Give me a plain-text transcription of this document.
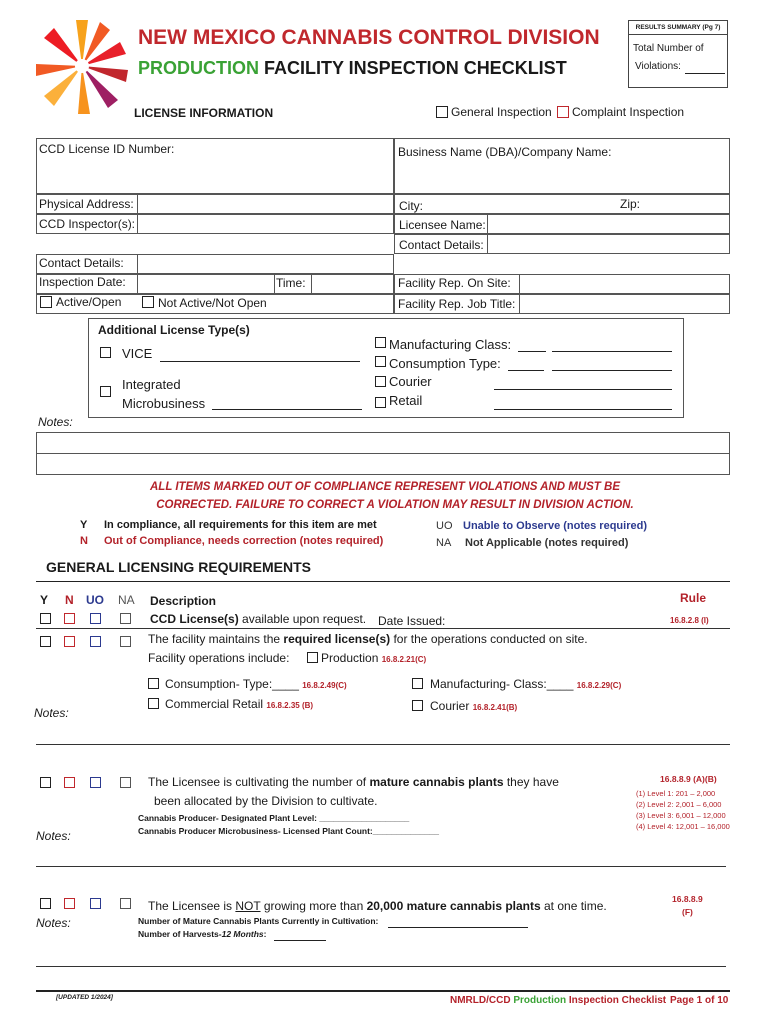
NEW MEXICO CANNABIS CONTROL DIVISION
PRODUCTION FACILITY INSPECTION CHECKLIST
RESULTS SUMMARY (Pg 7)
Total Number of
Violations:
LICENSE INFORMATION	General Inspection Complaint Inspection
CCD License ID Number:	Business Name (DBA)/Company Name:
Physical Address:	City:	Zip:
CCD Inspector(s):	Licensee Name:
Contact Details:
Contact Details:
Inspection Date:	Time:	Facility Rep. On Site:
Active/Open	Not Active/Not Open	Facility Rep. Job Title:
Additional License Type(s)
VICE
Integrated
Microbusiness
Manufacturing Class:
Consumption Type:
Courier
Retail
Notes:
ALL ITEMS MARKED OUT OF COMPLIANCE REPRESENT VIOLATIONS AND MUST BE
CORRECTED. FAILURE TO CORRECT A VIOLATION MAY RESULT IN DIVISION ACTION.
Y In compliance, all requirements for this item are met
N Out of Compliance, needs correction (notes required)
UO Unable to Observe (notes required)
NA Not Applicable (notes required)
GENERAL LICENSING REQUIREMENTS
Y N UO NA Description	Rule
CCD License(s) available upon request. Date Issued:	16.8.2.8 (I)
The facility maintains the required license(s) for the operations conducted on site.
Facility operations include:	Production 16.8.2.21(C)
Consumption- Type:____ 16.8.2.49(C)	Manufacturing- Class:____ 16.8.2.29(C)
Commercial Retail 16.8.2.35 (B)	Courier 16.8.2.41(B)
Notes:
The Licensee is cultivating the number of mature cannabis plants they have
been allocated by the Division to cultivate.
Cannabis Producer- Designated Plant Level: ___________________
Cannabis Producer Microbusiness- Licensed Plant Count:______________
16.8.8.9 (A)(B)
(1) Level 1: 201 – 2,000
(2) Level 2: 2,001 – 6,000
(3) Level 3: 6,001 – 12,000
(4) Level 4: 12,001 – 16,000
Notes:
The Licensee is NOT growing more than 20,000 mature cannabis plants at one time.
Number of Mature Cannabis Plants Currently in Cultivation:
Number of Harvests-12 Months:
16.8.8.9
(F)
Notes:
[UPDATED 1/2024]	NMRLD/CCD Production Inspection Checklist Page 1 of 10
